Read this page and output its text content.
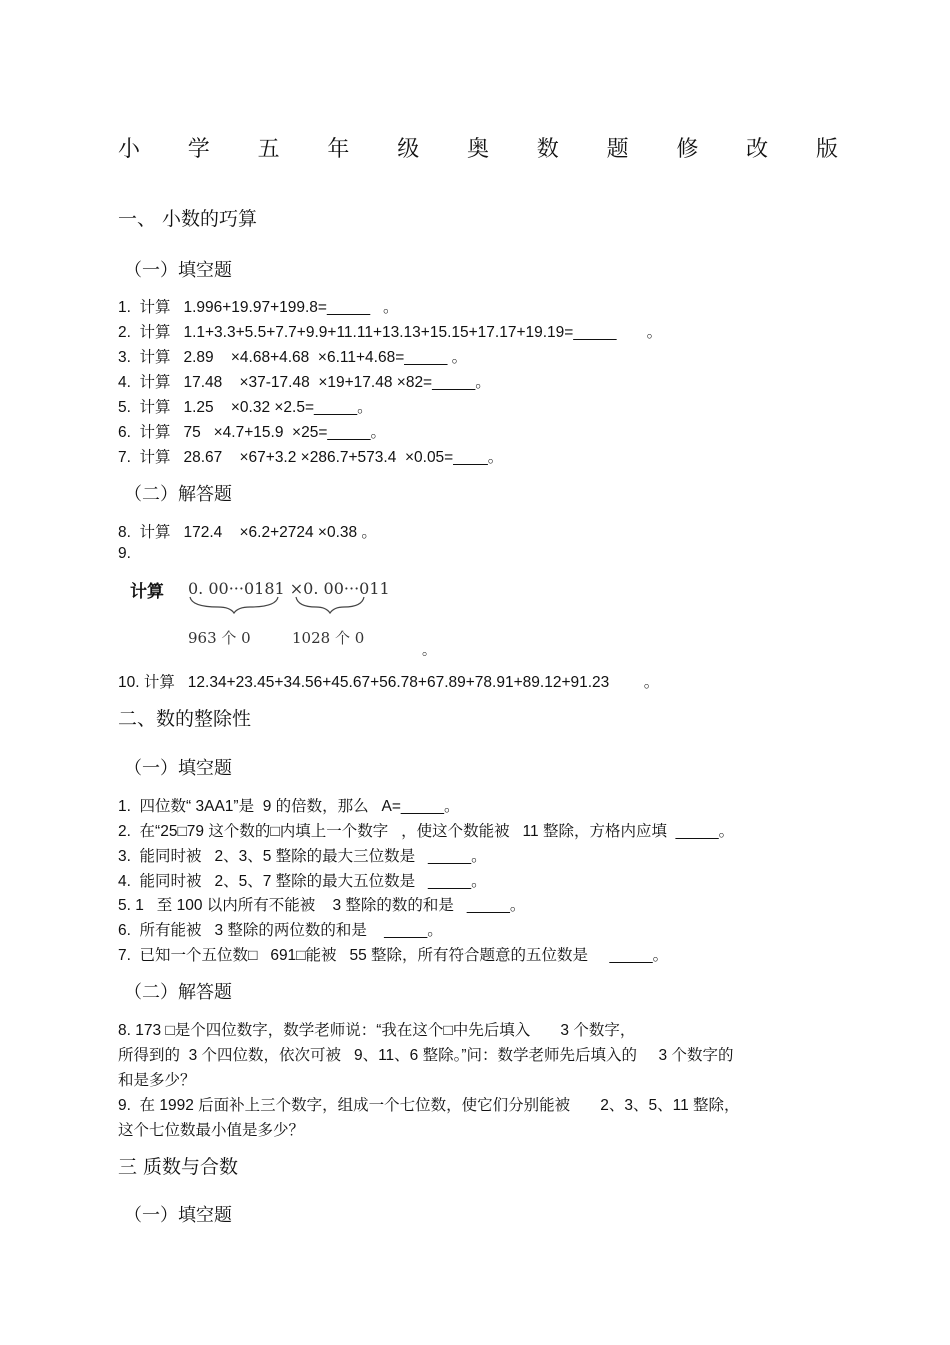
小 学 五 年 级 奥 数 题 修 改 版
一、 小数的巧算
（一）填空题
1.  计算   1.996+19.97+199.8=_____   。
2.  计算   1.1+3.3+5.5+7.7+9.9+11.11+13.13+15.15+17.17+19.19=_____       。
3.  计算   2.89    ×4.68+4.68  ×6.11+4.68=_____ 。
4.  计算   17.48    ×37-17.48  ×19+17.48 ×82=_____。
5.  计算   1.25    ×0.32 ×2.5=_____。
6.  计算   75   ×4.7+15.9  ×25=_____。
7.  计算   28.67    ×67+3.2 ×286.7+573.4  ×0.05=____。
（二）解答题
8.  计算   172.4    ×6.2+2724 ×0.38 。
9.
计算 0. 00···0181 ×0. 00···011
963 个 0	1028 个 0
。
10. 计算   12.34+23.45+34.56+45.67+56.78+67.89+78.91+89.12+91.23        。
二、数的整除性
（一）填空题
1.  四位数“ 3AA1”是  9 的倍数，那么   A=_____。
2.  在“25□79 这个数的□内填上一个数字   ，使这个数能被   11 整除，方格内应填  _____。
3.  能同时被   2、3、5 整除的最大三位数是   _____。
4.  能同时被   2、5、7 整除的最大五位数是   _____。
5. 1   至 100 以内所有不能被    3 整除的数的和是   _____。
6.  所有能被   3 整除的两位数的和是    _____。
7.  已知一个五位数□   691□能被   55 整除，所有符合题意的五位数是     _____。
（二）解答题
8. 173 □是个四位数字，数学老师说：“我在这个□中先后填入       3 个数字，
所得到的  3 个四位数，依次可被   9、11、6 整除。”问：数学老师先后填入的     3 个数字的
和是多少？
9.  在 1992 后面补上三个数字，组成一个七位数，使它们分别能被       2、3、5、11 整除，
这个七位数最小值是多少？
三 质数与合数
（一）填空题
